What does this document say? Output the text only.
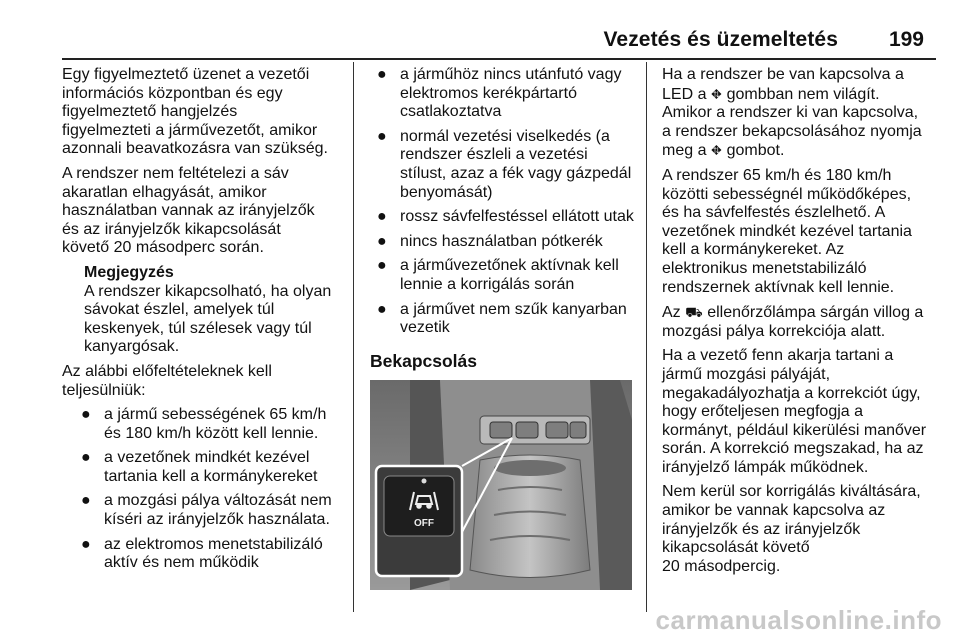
Vezetés és üzemeltetés 199

Egy figyelmeztető üzenet a vezetői
információs központban és egy
figyelmeztető hangjelzés
figyelmezteti a járművezetőt, amikor
azonnali beavatkozásra van szükség.

A rendszer nem feltételezi a sáv
akaratlan elhagyását, amikor
használatban vannak az irányjelzők
és az irányjelzők kikapcsolását
követő 20 másodperc során.

Megjegyzés
A rendszer kikapcsolható, ha olyan
sávokat észlel, amelyek túl
keskenyek, túl szélesek vagy túl
kanyargósak.

Az alábbi előfeltételeknek kell
teljesülniük:

● a jármű sebességének 65 km/h
és 180 km/h között kell lennie.
● a vezetőnek mindkét kezével
tartania kell a kormánykereket
● a mozgási pálya változását nem
kíséri az irányjelzők használata.
● az elektromos menetstabilizáló
aktív és nem működik
● a járműhöz nincs utánfutó vagy
elektromos kerékpártartó
csatlakoztatva
● normál vezetési viselkedés (a
rendszer észleli a vezetési
stílust, azaz a fék vagy gázpedál
benyomását)
● rossz sávfelfestéssel ellátott utak
● nincs használatban pótkerék
● a járművezetőnek aktívnak kell
lennie a korrigálás során
● a járművet nem szűk kanyarban
vezetik
Bekapcsolás
OFF

Ha a rendszer be van kapcsolva a
LED a ⛖ gombban nem világít.
Amikor a rendszer ki van kapcsolva,
a rendszer bekapcsolásához nyomja
meg a ⛖ gombot.

A rendszer 65 km/h és 180 km/h
közötti sebességnél működőképes,
és ha sávfelfestés észlelhető. A
vezetőnek mindkét kezével tartania
kell a kormánykereket. Az
elektronikus menetstabilizáló
rendszernek aktívnak kell lennie.

Az ⛟ ellenőrzőlámpa sárgán villog a
mozgási pálya korrekciója alatt.

Ha a vezető fenn akarja tartani a
jármű mozgási pályáját,
megakadályozhatja a korrekciót úgy,
hogy erőteljesen megfogja a
kormányt, például kikerülési manőver
során. A korrekció megszakad, ha az
irányjelző lámpák működnek.

Nem kerül sor korrigálás kiváltására,
amikor be vannak kapcsolva az
irányjelzők és az irányjelzők
kikapcsolását követő
20 másodpercig.

carmanualsonline.info
